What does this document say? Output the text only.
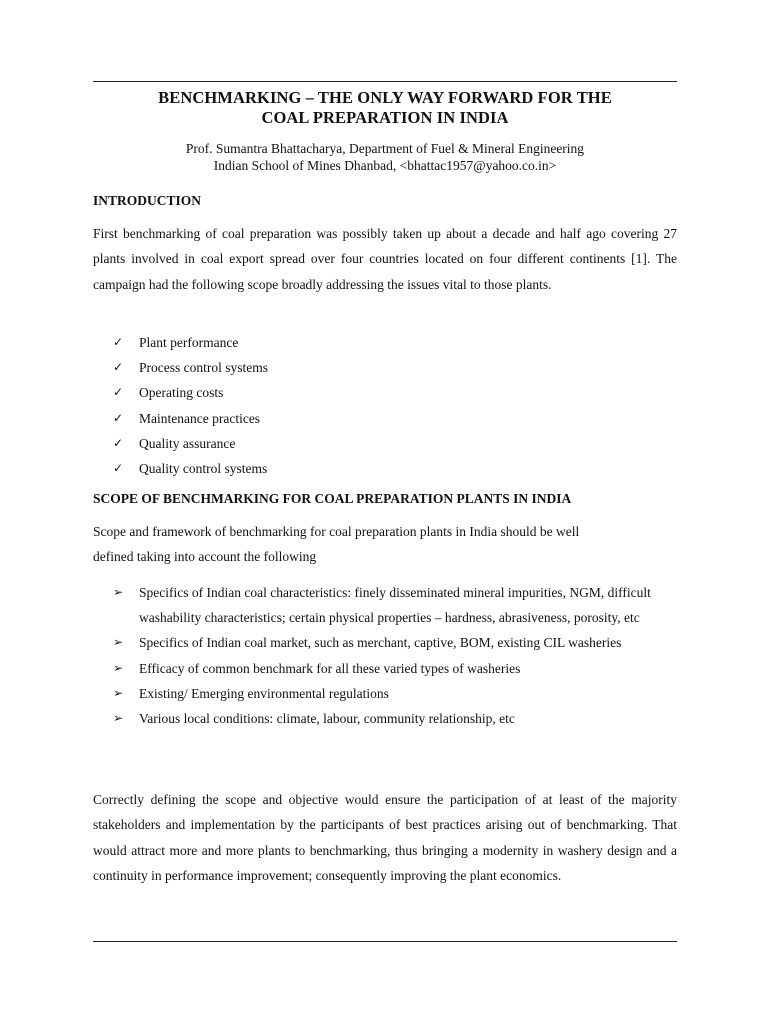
BENCHMARKING – THE ONLY WAY FORWARD FOR THE
COAL PREPARATION IN INDIA
Prof. Sumantra Bhattacharya, Department of Fuel & Mineral Engineering
Indian School of Mines Dhanbad, <bhattac1957@yahoo.co.in>
INTRODUCTION
First benchmarking of coal preparation was possibly taken up about a decade and half ago covering 27 plants involved in coal export spread over four countries located on four different continents [1]. The campaign had the following scope broadly addressing the issues vital to those plants.
✓	Plant performance
✓	Process control systems
✓	Operating costs
✓	Maintenance practices
✓	Quality assurance
✓	Quality control systems
SCOPE OF BENCHMARKING FOR COAL PREPARATION PLANTS IN INDIA
Scope and framework of benchmarking for coal preparation plants in India should be well
defined taking into account the following
➢	Specifics of Indian coal characteristics: finely disseminated mineral impurities, NGM, difficult washability characteristics; certain physical properties – hardness, abrasiveness, porosity, etc
➢	Specifics of Indian coal market, such as merchant, captive, BOM, existing CIL washeries
➢	Efficacy of common benchmark for all these varied types of washeries
➢	Existing/ Emerging environmental regulations
➢	Various local conditions: climate, labour, community relationship, etc
Correctly defining the scope and objective would ensure the participation of at least of the majority stakeholders and implementation by the participants of best practices arising out of benchmarking. That would attract more and more plants to benchmarking, thus bringing a modernity in washery design and a continuity in performance improvement; consequently improving the plant economics.
